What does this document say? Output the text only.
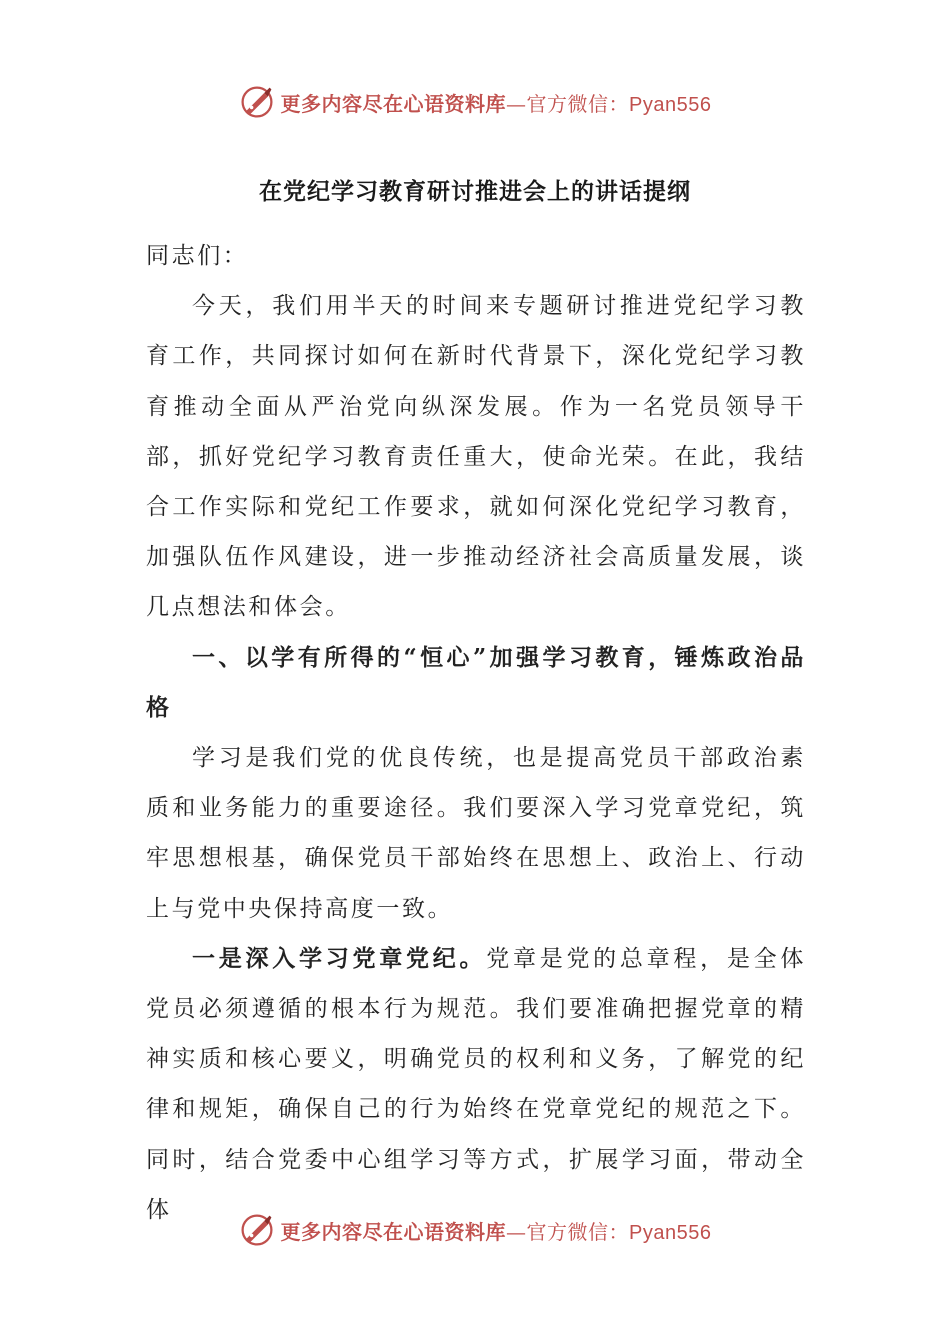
更多内容尽在心语资料库—官方微信：Pyan556
在党纪学习教育研讨推进会上的讲话提纲

同志们：

今天，我们用半天的时间来专题研讨推进党纪学习教育工作，共同探讨如何在新时代背景下，深化党纪学习教育推动全面从严治党向纵深发展。作为一名党员领导干部，抓好党纪学习教育责任重大，使命光荣。在此，我结合工作实际和党纪工作要求，就如何深化党纪学习教育，加强队伍作风建设，进一步推动经济社会高质量发展，谈几点想法和体会。

一、以学有所得的“恒心”加强学习教育，锤炼政治品格

学习是我们党的优良传统，也是提高党员干部政治素质和业务能力的重要途径。我们要深入学习党章党纪，筑牢思想根基，确保党员干部始终在思想上、政治上、行动上与党中央保持高度一致。

一是深入学习党章党纪。党章是党的总章程，是全体党员必须遵循的根本行为规范。我们要准确把握党章的精神实质和核心要义，明确党员的权利和义务，了解党的纪律和规矩，确保自己的行为始终在党章党纪的规范之下。同时，结合党委中心组学习等方式，扩展学习面，带动全体

更多内容尽在心语资料库—官方微信：Pyan556
